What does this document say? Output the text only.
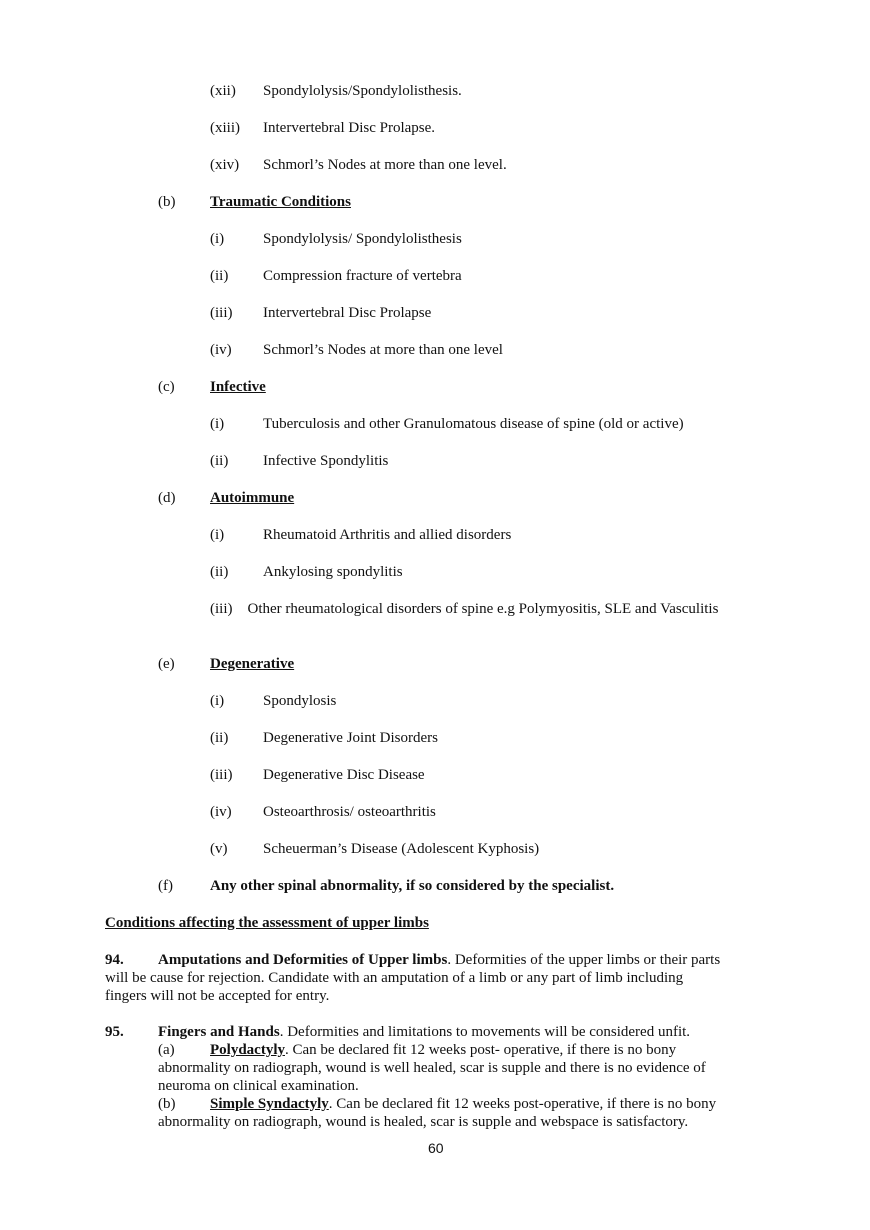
(xii) Spondylolysis/Spondylolisthesis.
(xiii) Intervertebral Disc Prolapse.
(xiv) Schmorl’s Nodes at more than one level.
(b) Traumatic Conditions
(i)	Spondylolysis/ Spondylolisthesis
(ii) Compression fracture of vertebra
(iii) Intervertebral Disc Prolapse
(iv) Schmorl’s Nodes at more than one level
(c) Infective
(i)	Tuberculosis and other Granulomatous disease of spine (old or active)
(ii) Infective Spondylitis
(d) Autoimmune
(i)	Rheumatoid Arthritis and allied disorders
(ii) Ankylosing spondylitis
(iii)    Other rheumatological disorders of spine e.g Polymyositis, SLE and Vasculitis
(e) Degenerative
(i)	Spondylosis
(ii) Degenerative Joint Disorders
(iii) Degenerative Disc Disease
(iv) Osteoarthrosis/ osteoarthritis
(v) Scheuerman’s Disease (Adolescent Kyphosis)
(f) Any other spinal abnormality, if so considered by the specialist.
Conditions affecting the assessment of upper limbs
94. Amputations and Deformities of Upper limbs. Deformities of the upper limbs or their parts
will be cause for rejection. Candidate with an amputation of a limb or any part of limb including
fingers will not be accepted for entry.
95. Fingers and Hands. Deformities and limitations to movements will be considered unfit.
(a) Polydactyly. Can be declared fit 12 weeks post- operative, if there is no bony
abnormality on radiograph, wound is well healed, scar is supple and there is no evidence of
neuroma on clinical examination.
(b) Simple Syndactyly. Can be declared fit 12 weeks post-operative, if there is no bony
abnormality on radiograph, wound is healed, scar is supple and webspace is satisfactory.
60
